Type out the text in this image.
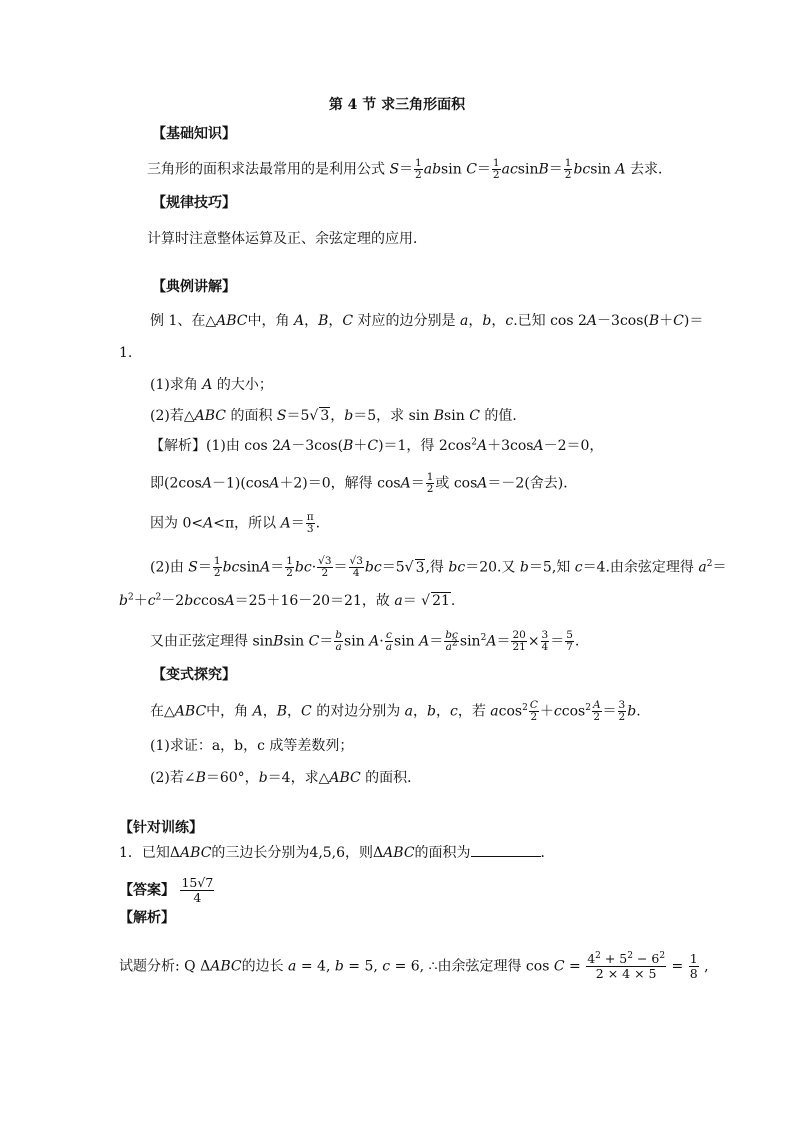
第 4 节 求三角形面积
【基础知识】
三角形的面积求法最常用的是利用公式 $S= \frac{1}{2}$ absin $C= \frac{1}{2} acsinB= \frac{1}{2}$ bcsin A 去求．
【规律技巧】
计算时注意整体运算及正、余弦定理的应用．
【典例讲解】
例 1、在△ABC中，角 A，B，C 对应的边分别是 a，b，c.已知 cos 2A－3cos(B＋C)＝
1.
(1)求角 A 的大小；
(2)若△ABC 的面积 S＝5√ 3，b＝5，求 sin Bsin C 的值．
【解析】(1)由 cos 2A－3cos(B＋C)＝1，得 $2\cos^2A+3\cos A-2=0$，
即(2cosA－1)(cosA＋2)＝0，解得 $\cos A= \frac{1}{2}$ 或 cosA＝－2(舍去)．
因为 0<A<π，所以 $A= \frac{\pi}{3}$ .
(2)由 $S= \frac{1}{2} bcsinA= \frac{1}{2} bc\cdot \frac{√3}{2} = \frac{√3}{4} bc=5√$ 3,得 bc＝20.又 b＝5,知 c＝4.由余弦定理得 $a^2=$
$b^2+c^2-2bccosA=25+16-20=21$，故 a＝ √ 21.
又由正弦定理得 sinBsin $C= \frac{b}{a}$ $\sin A\cdot \frac{c}{a}$ $\sin A= \frac{bc}{a^2} \sin^2A= \frac{20}{21} \times \frac{3}{4} = \frac{5}{7}$ .
【变式探究】
在△ABC中，角 A，B，C 的对边分别为 a，b，c，若 $acos^2 \frac{C}{2} +ccos^2 \frac{A}{2} = \frac{3}{2} b$.
(1)求证：a，b，c 成等差数列；
(2)若∠B＝60°，b＝4，求△ABC 的面积．
【针对训练】
1．已知ΔABC的三边长分别为4,5,6，则ΔABC的面积为	．
【答案】 $\frac{15√7}{4}$
【解析】
试题分析: Q ΔABC的边长 a = 4, b = 5, c = 6, ∴由余弦定理得 $\cos C = \frac{4^2 + 5^2 - 6^2}{2 \times 4 \times 5} = \frac{1}{8}$ ,
